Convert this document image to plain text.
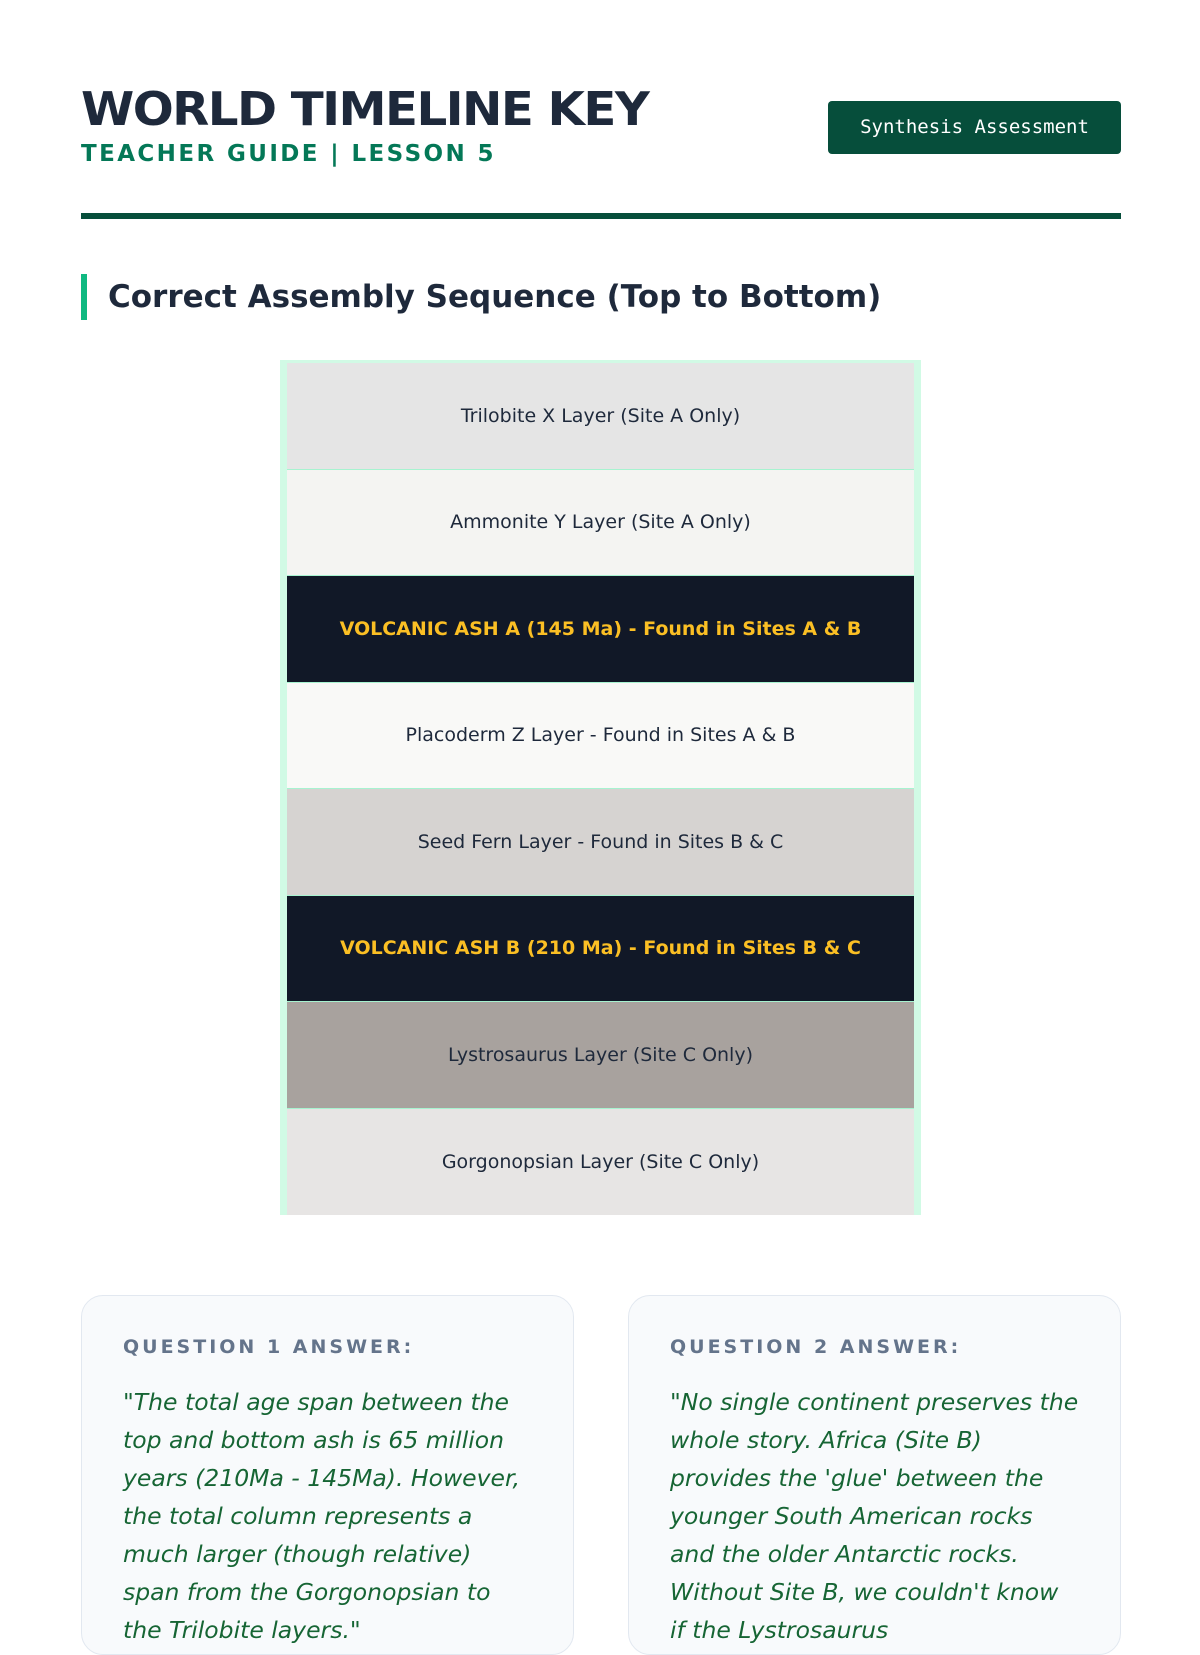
WORLD TIMELINE KEY
TEACHER GUIDE | LESSON 5
Synthesis Assessment
Correct Assembly Sequence (Top to Bottom)
Trilobite X Layer (Site A Only)
Ammonite Y Layer (Site A Only)
VOLCANIC ASH A (145 Ma) - Found in Sites A & B
Placoderm Z Layer - Found in Sites A & B
Seed Fern Layer - Found in Sites B & C
VOLCANIC ASH B (210 Ma) - Found in Sites B & C
Lystrosaurus Layer (Site C Only)
Gorgonopsian Layer (Site C Only)
QUESTION 1 ANSWER:

"The total age span between the top and bottom ash is 65 million years (210Ma - 145Ma). However, the total column represents a much larger (though relative) span from the Gorgonopsian to the Trilobite layers."

QUESTION 2 ANSWER:

"No single continent preserves the whole story. Africa (Site B) provides the 'glue' between the younger South American rocks and the older Antarctic rocks. Without Site B, we couldn't know if the Lystrosaurus
